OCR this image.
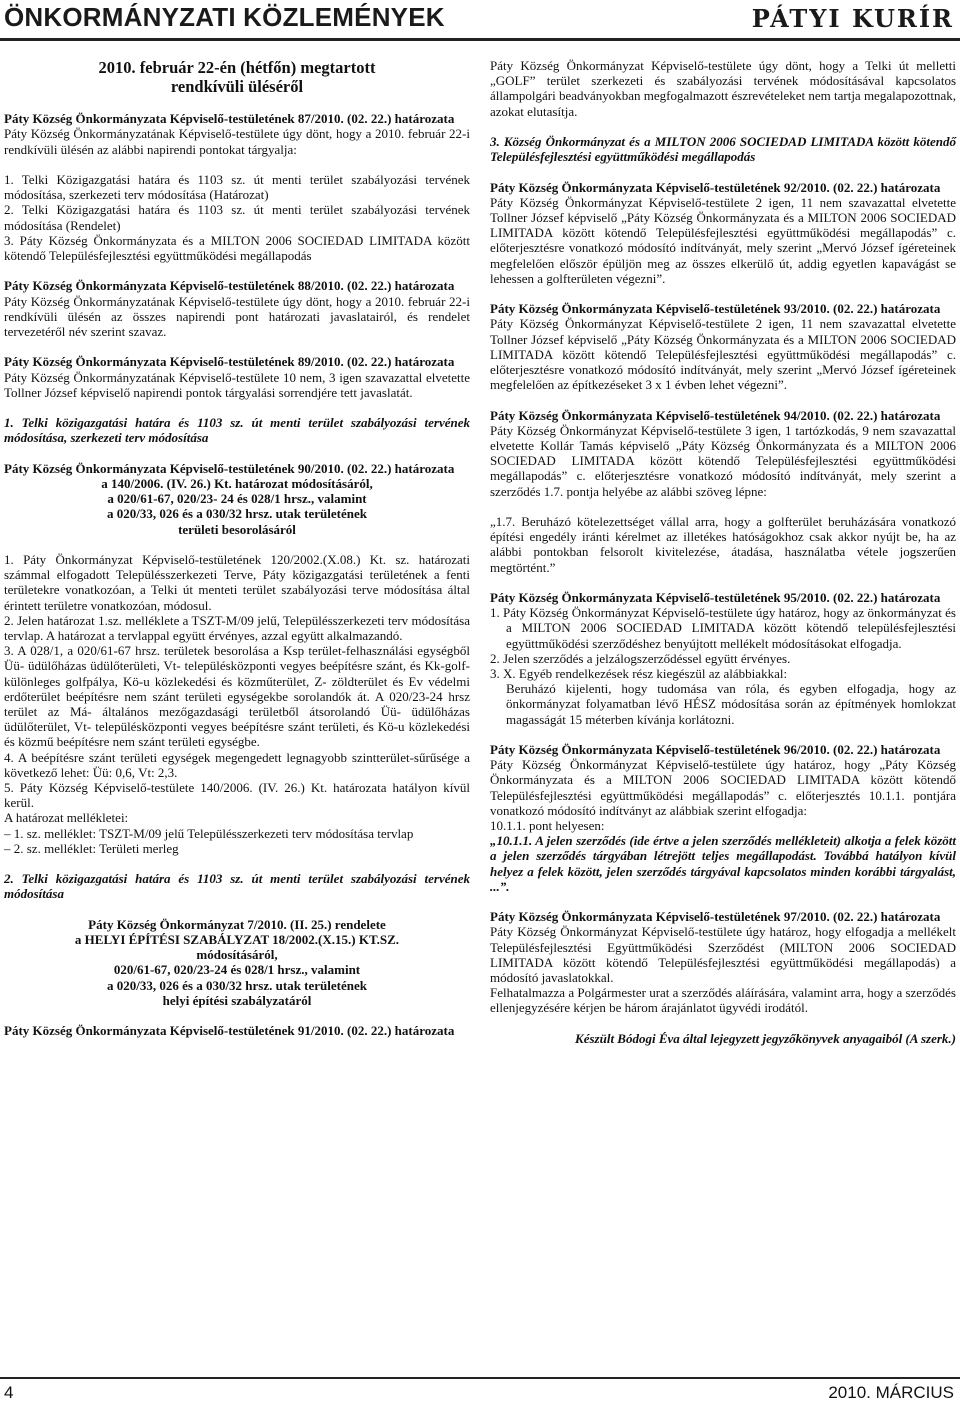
ÖNKORMÁNYZATI KÖZLEMÉNYEK	PÁTYI KURÍR

2010. február 22-én (hétfőn) megtartott

rendkívüli üléséről

Páty Község Önkormányzata Képviselő-testületének 87/2010. (02. 22.) határozata

Páty Község Önkormányzatának Képviselő-testülete úgy dönt, hogy a 2010. február 22-i rendkívüli ülésén az alábbi napirendi pontokat tárgyalja:

1. Telki Közigazgatási határa és 1103 sz. út menti terület szabályozási tervének módosítása, szerkezeti terv módosítása (Határozat)

2. Telki Közigazgatási határa és 1103 sz. út menti terület szabályozási tervének módosítása (Rendelet)

3. Páty Község Önkormányzata és a MILTON 2006 SOCIEDAD LIMITADA között kötendő Településfejlesztési együttműködési megállapodás

Páty Község Önkormányzata Képviselő-testületének 88/2010. (02. 22.) határozata

Páty Község Önkormányzatának Képviselő-testülete úgy dönt, hogy a 2010. február 22-i rendkívüli ülésén az összes napirendi pont határozati javaslatairól, és rendelet tervezetéről név szerint szavaz.

Páty Község Önkormányzata Képviselő-testületének 89/2010. (02. 22.) határozata

Páty Község Önkormányzatának Képviselő-testülete 10 nem, 3 igen szavazattal elvetette Tollner József képviselő napirendi pontok tárgyalási sorrendjére tett javaslatát.

1. Telki közigazgatási határa és 1103 sz. út menti terület szabályozási tervének módosítása, szerkezeti terv módosítása

Páty Község Önkormányzata Képviselő-testületének 90/2010. (02. 22.) határozata

a 140/2006. (IV. 26.) Kt. határozat módosításáról,

a 020/61-67, 020/23- 24 és 028/1 hrsz., valamint

a 020/33, 026 és a 030/32 hrsz. utak területének

területi besorolásáról

1. Páty Önkormányzat Képviselő-testületének 120/2002.(X.08.) Kt. sz. határozati számmal elfogadott Településszerkezeti Terve, Páty közigazgatási területének a fenti területekre vonatkozóan, a Telki út menteti terület szabályozási terve módosítása által érintett területre vonatkozóan, módosul.

2. Jelen határozat 1.sz. melléklete a TSZT-M/09 jelű, Településszerkezeti terv módosítása tervlap. A határozat a tervlappal együtt érvényes, azzal együtt alkalmazandó.

3. A 028/1, a 020/61-67 hrsz. területek besorolása a Ksp terület-felhasználási egységből Üü- üdülőházas üdülőterületi, Vt- településközponti vegyes beépítésre szánt, és Kk-golf- különleges golfpálya, Kö-u közlekedési és közműterület, Z- zöldterület és Ev védelmi erdőterület beépítésre nem szánt területi egységekbe sorolandók át. A 020/23-24 hrsz terület az Má- általános mezőgazdasági területből átsorolandó Üü- üdülőházas üdülőterület, Vt- településközponti vegyes beépítésre szánt területi, és Kö-u közlekedési és közmű beépítésre nem szánt területi egységbe.

4. A beépítésre szánt területi egységek megengedett legnagyobb szintterület-sűrűsége a következő lehet: Üü: 0,6, Vt: 2,3.

5. Páty Község Képviselő-testülete 140/2006. (IV. 26.) Kt. határozata hatályon kívül kerül.

A határozat mellékletei:

– 1. sz. melléklet: TSZT-M/09 jelű Településszerkezeti terv módosítása tervlap

– 2. sz. melléklet: Területi merleg

2. Telki közigazgatási határa és 1103 sz. út menti terület szabályozási tervének módosítása

Páty Község Önkormányzat 7/2010. (II. 25.) rendelete

a HELYI ÉPÍTÉSI SZABÁLYZAT 18/2002.(X.15.) KT.SZ.

módosításáról,

020/61-67, 020/23-24 és 028/1 hrsz., valamint

a 020/33, 026 és a 030/32 hrsz. utak területének

helyi építési szabályzatáról

Páty Község Önkormányzata Képviselő-testületének 91/2010. (02. 22.) határozata

Páty Község Önkormányzat Képviselő-testülete úgy dönt, hogy a Telki út melletti „GOLF” terület szerkezeti és szabályozási tervének módosításával kapcsolatos állampolgári beadványokban megfogalmazott észrevételeket nem tartja megalapozottnak, azokat elutasítja.

3. Község Önkormányzat és a MILTON 2006 SOCIEDAD LIMITADA között kötendő Településfejlesztési együttműködési megállapodás

Páty Község Önkormányzata Képviselő-testületének 92/2010. (02. 22.) határozata

Páty Község Önkormányzat Képviselő-testülete 2 igen, 11 nem szavazattal elvetette Tollner József képviselő „Páty Község Önkormányzata és a MILTON 2006 SOCIEDAD LIMITADA között kötendő Településfejlesztési együttműködési megállapodás” c. előterjesztésre vonatkozó módosító indítványát, mely szerint „Mervó József ígéreteinek megfelelően először épüljön meg az összes elkerülő út, addig egyetlen kapavágást se lehessen a golfterületen végezni”.

Páty Község Önkormányzata Képviselő-testületének 93/2010. (02. 22.) határozata

Páty Község Önkormányzat Képviselő-testülete 2 igen, 11 nem szavazattal elvetette Tollner József képviselő „Páty Község Önkormányzata és a MILTON 2006 SOCIEDAD LIMITADA között kötendő Településfejlesztési együttműködési megállapodás” c. előterjesztésre vonatkozó módosító indítványát, mely szerint „Mervó József ígéreteinek megfelelően az építkezéseket 3 x 1 évben lehet végezni”.

Páty Község Önkormányzata Képviselő-testületének 94/2010. (02. 22.) határozata

Páty Község Önkormányzat Képviselő-testülete 3 igen, 1 tartózkodás, 9 nem szavazattal elvetette Kollár Tamás képviselő „Páty Község Önkormányzata és a MILTON 2006 SOCIEDAD LIMITADA között kötendő Településfejlesztési együttműködési megállapodás” c. előterjesztésre vonatkozó módosító indítványát, mely szerint a szerződés 1.7. pontja helyébe az alábbi szöveg lépne:

„1.7. Beruházó kötelezettséget vállal arra, hogy a golfterület beruházására vonatkozó építési engedély iránti kérelmet az illetékes hatóságokhoz csak akkor nyújt be, ha az alábbi pontokban felsorolt kivitelezése, átadása, használatba vétele jogszerűen megtörtént.”

Páty Község Önkormányzata Képviselő-testületének 95/2010. (02. 22.) határozata

1. Páty Község Önkormányzat Képviselő-testülete úgy határoz, hogy az önkormányzat és a MILTON 2006 SOCIEDAD LIMITADA között kötendő településfejlesztési együttműködési szerződéshez benyújtott mellékelt módosításokat elfogadja.

2. Jelen szerződés a jelzálogszerződéssel együtt érvényes.

3. X. Egyéb rendelkezések rész kiegészül az alábbiakkal:

Beruházó kijelenti, hogy tudomása van róla, és egyben elfogadja, hogy az önkormányzat folyamatban lévő HÉSZ módosítása során az építmények homlokzat magasságát 15 méterben kívánja korlátozni.

Páty Község Önkormányzata Képviselő-testületének 96/2010. (02. 22.) határozata

Páty Község Önkormányzat Képviselő-testülete úgy határoz, hogy „Páty Község Önkormányzata és a MILTON 2006 SOCIEDAD LIMITADA között kötendő Településfejlesztési együttműködési megállapodás” c. előterjesztés 10.1.1. pontjára vonatkozó módosító indítványt az alábbiak szerint elfogadja:

10.1.1. pont helyesen:

„10.1.1. A jelen szerződés (ide értve a jelen szerződés mellékleteit) alkotja a felek között a jelen szerződés tárgyában létrejött teljes megállapodást. Továbbá hatályon kívül helyez a felek között, jelen szerződés tárgyával kapcsolatos minden korábbi tárgyalást, ...”.

Páty Község Önkormányzata Képviselő-testületének 97/2010. (02. 22.) határozata

Páty Község Önkormányzat Képviselő-testülete úgy határoz, hogy elfogadja a mellékelt Településfejlesztési Együttműködési Szerződést (MILTON 2006 SOCIEDAD LIMITADA között kötendő Településfejlesztési együttműködési megállapodás) a módosító javaslatokkal.

Felhatalmazza a Polgármester urat a szerződés aláírására, valamint arra, hogy a szerződés ellenjegyzésére kérjen be három árajánlatot ügyvédi irodától.

Készült Bódogi Éva által lejegyzett jegyzőkönyvek anyagaiból (A szerk.)

4	2010. MÁRCIUS
